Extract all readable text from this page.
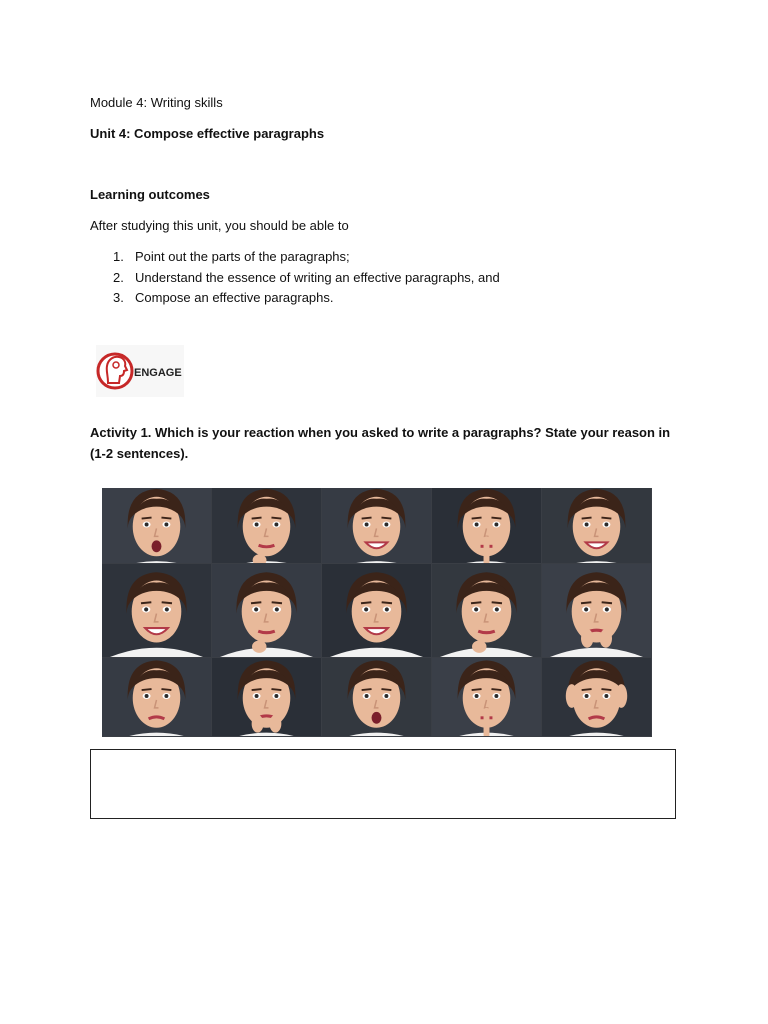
Module 4: Writing skills
Unit 4: Compose effective paragraphs
Learning outcomes
After studying this unit, you should be able to
1. Point out the parts of the paragraphs;
2. Understand the essence of writing an effective paragraphs, and
3. Compose an effective paragraphs.
ENGAGE
Activity 1. Which is your reaction when you asked to write a paragraphs? State your reason in (1-2 sentences).
